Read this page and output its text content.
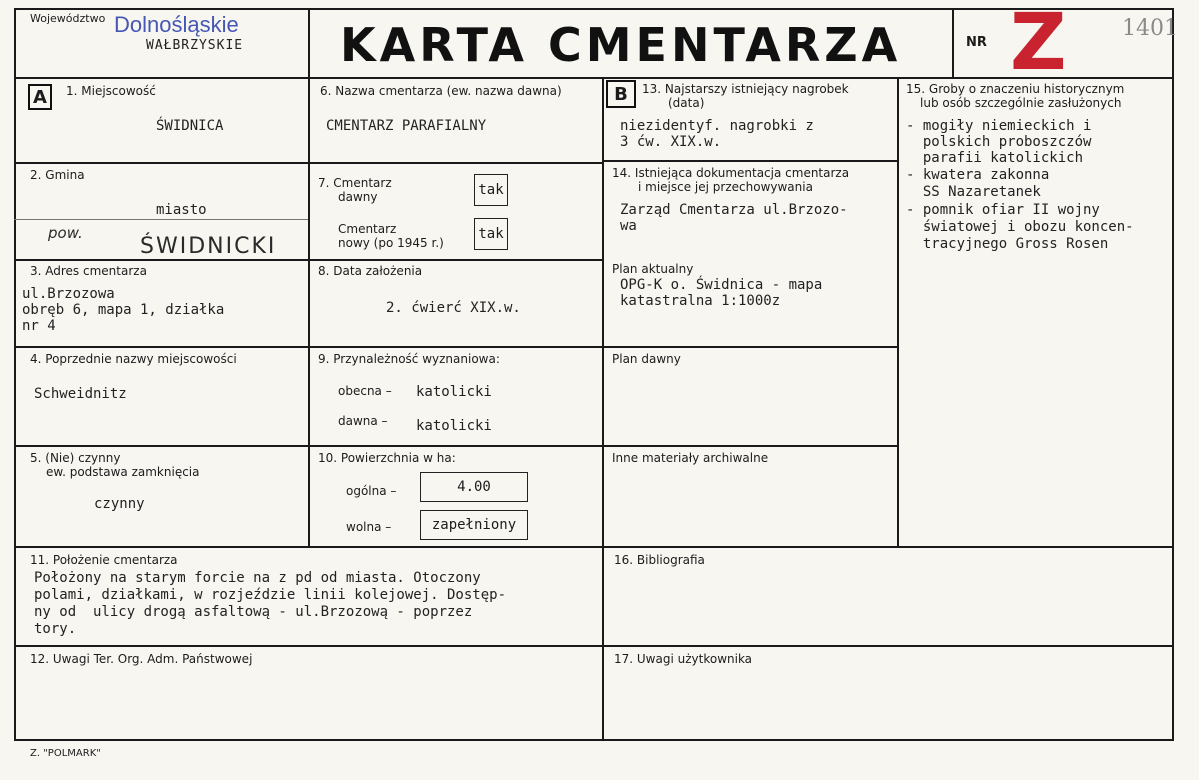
Województwo Dolnośląskie
WAŁBRZYSKIE KARTA CMENTARZA	NR Z	1401
A	B
1. Miejscowość
ŚWIDNICA
2. Gmina
miasto
pow.
ŚWIDNICKI
3. Adres cmentarza
ul.Brzozowa
obręb 6, mapa 1, działka
nr 4
4. Poprzednie nazwy miejscowości
Schweidnitz
5. (Nie) czynny
ew. podstawa zamknięcia
czynny
6. Nazwa cmentarza (ew. nazwa dawna)
CMENTARZ PARAFIALNY
7. Cmentarz
dawny	tak
Cmentarz
nowy (po 1945 r.)
tak
8. Data założenia
2. ćwierć XIX.w.
9. Przynależność wyznaniowa:
obecna – katolicki
dawna – katolicki
10. Powierzchnia w ha:
ogólna –	4.00
wolna –	zapełniony
11. Położenie cmentarza
Położony na starym forcie na z pd od miasta. Otoczony
polami, działkami, w rozjeździe linii kolejowej. Dostęp-
ny od  ulicy drogą asfaltową - ul.Brzozową - poprzez
tory.
12. Uwagi Ter. Org. Adm. Państwowej
13. Najstarszy istniejący nagrobek
(data)
niezidentyf. nagrobki z
3 ćw. XIX.w.
14. Istniejąca dokumentacja cmentarza
i miejsce jej przechowywania
Zarząd Cmentarza ul.Brzozo-
wa
Plan aktualny
OPG-K o. Świdnica - mapa
katastralna 1:1000z
Plan dawny
Inne materiały archiwalne
15. Groby o znaczeniu historycznym
lub osób szczególnie zasłużonych
- mogiły niemieckich i
polskich proboszczów
parafii katolickich
- kwatera zakonna
SS Nazaretanek
- pomnik ofiar II wojny
światowej i obozu koncen-
tracyjnego Gross Rosen
16. Bibliografia
17. Uwagi użytkownika
Z. "POLMARK"
